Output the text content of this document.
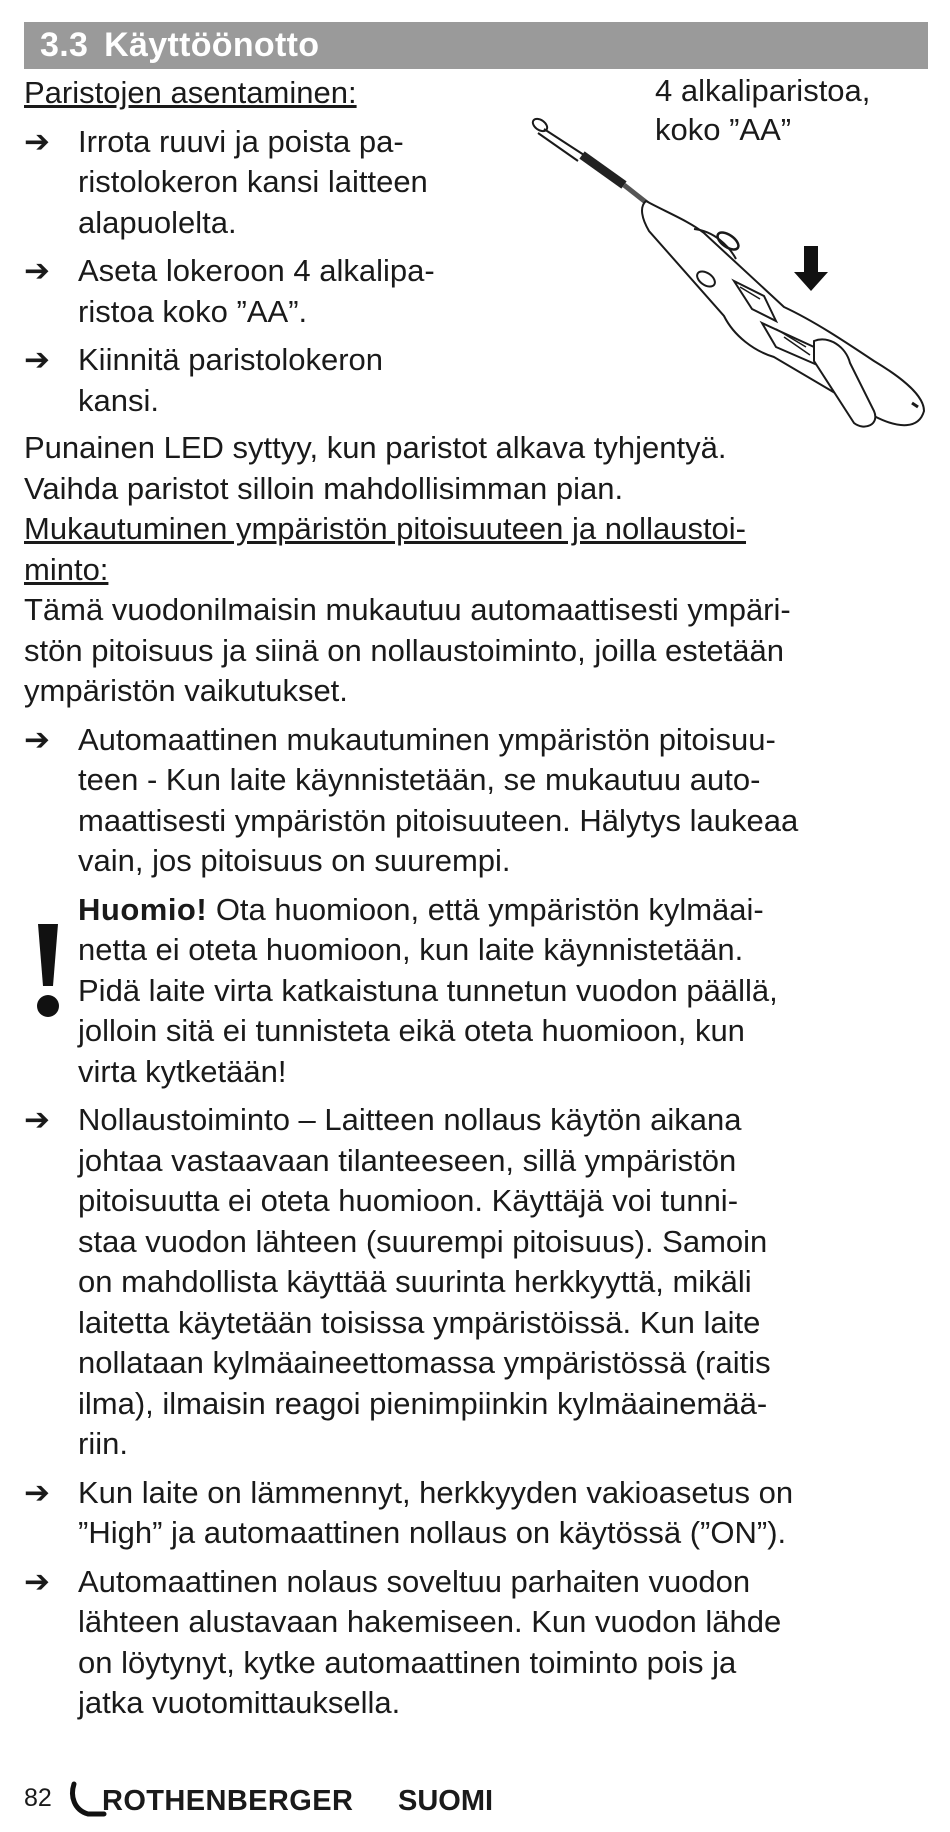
3.3 Käyttöönotto

Paristojen asentaminen:

➔ Irrota ruuvi ja poista pa-
ristolokeron kansi laitteen
alapuolelta.
➔ Aseta lokeroon 4 alkalipa-
ristoa koko ”AA”.
➔ Kiinnitä paristolokeron
kansi.
4 alkaliparistoa,
koko ”AA”

Punainen LED syttyy, kun paristot alkava tyhjentyä.

Vaihda paristot silloin mahdollisimman pian.

Mukautuminen ympäristön pitoisuuteen ja nollaustoi-

minto:

Tämä vuodonilmaisin mukautuu automaattisesti ympäri-

stön pitoisuus ja siinä on nollaustoiminto, joilla estetään

ympäristön vaikutukset.

➔ Automaattinen mukautuminen ympäristön pitoisuu-
teen - Kun laite käynnistetään, se mukautuu auto-
maattisesti ympäristön pitoisuuteen. Hälytys laukeaa
vain, jos pitoisuus on suurempi.
Huomio! Ota huomioon, että ympäristön kylmäai-
netta ei oteta huomioon, kun laite käynnistetään.
Pidä laite virta katkaistuna tunnetun vuodon päällä,
jolloin sitä ei tunnisteta eikä oteta huomioon, kun
virta kytketään!
➔ Nollaustoiminto – Laitteen nollaus käytön aikana
johtaa vastaavaan tilanteeseen, sillä ympäristön
pitoisuutta ei oteta huomioon. Käyttäjä voi tunni-
staa vuodon lähteen (suurempi pitoisuus). Samoin
on mahdollista käyttää suurinta herkkyyttä, mikäli
laitetta käytetään toisissa ympäristöissä. Kun laite
nollataan kylmäaineettomassa ympäristössä (raitis
ilma), ilmaisin reagoi pienimpiinkin kylmäainemää-
riin.
➔ Kun laite on lämmennyt, herkkyyden vakioasetus on
”High” ja automaattinen nollaus on käytössä (”ON”).
➔ Automaattinen nolaus soveltuu parhaiten vuodon
lähteen alustavaan hakemiseen. Kun vuodon lähde
on löytynyt, kytke automaattinen toiminto pois ja
jatka vuotomittauksella.
82 ROTHENBERGER SUOMI
